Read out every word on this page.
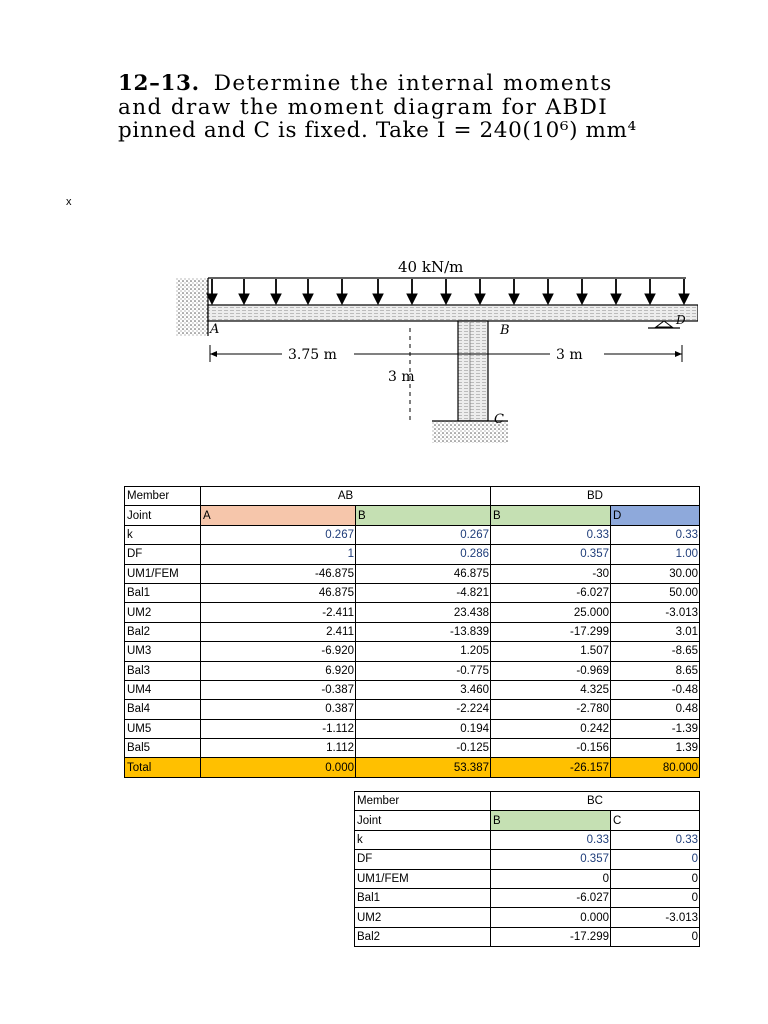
12–13. Determine the internal moments
and draw the moment diagram for ABDI
pinned and C is fixed. Take I = 240(10⁶) mm⁴
x
40 kN/m
A	B
C
D
3.75 m	3 m
3 m
Member	AB		BD	
Joint	A	B	B	D
k	0.267	0.267	0.33	0.33
DF	1	0.286	0.357	1.00
UM1/FEM	-46.875	46.875	-30	30.00
Bal1	46.875	-4.821	-6.027	50.00
UM2	-2.411	23.438	25.000	-3.013
Bal2	2.411	-13.839	-17.299	3.01
UM3	-6.920	1.205	1.507	-8.65
Bal3	6.920	-0.775	-0.969	8.65
UM4	-0.387	3.460	4.325	-0.48
Bal4	0.387	-2.224	-2.780	0.48
UM5	-1.112	0.194	0.242	-1.39
Bal5	1.112	-0.125	-0.156	1.39
Total	0.000	53.387	-26.157	80.000
Member	BC	
Joint	B	C
k	0.33	0.33
DF	0.357	0
UM1/FEM	0	0
Bal1	-6.027	0
UM2	0.000	-3.013
Bal2	-17.299	0
